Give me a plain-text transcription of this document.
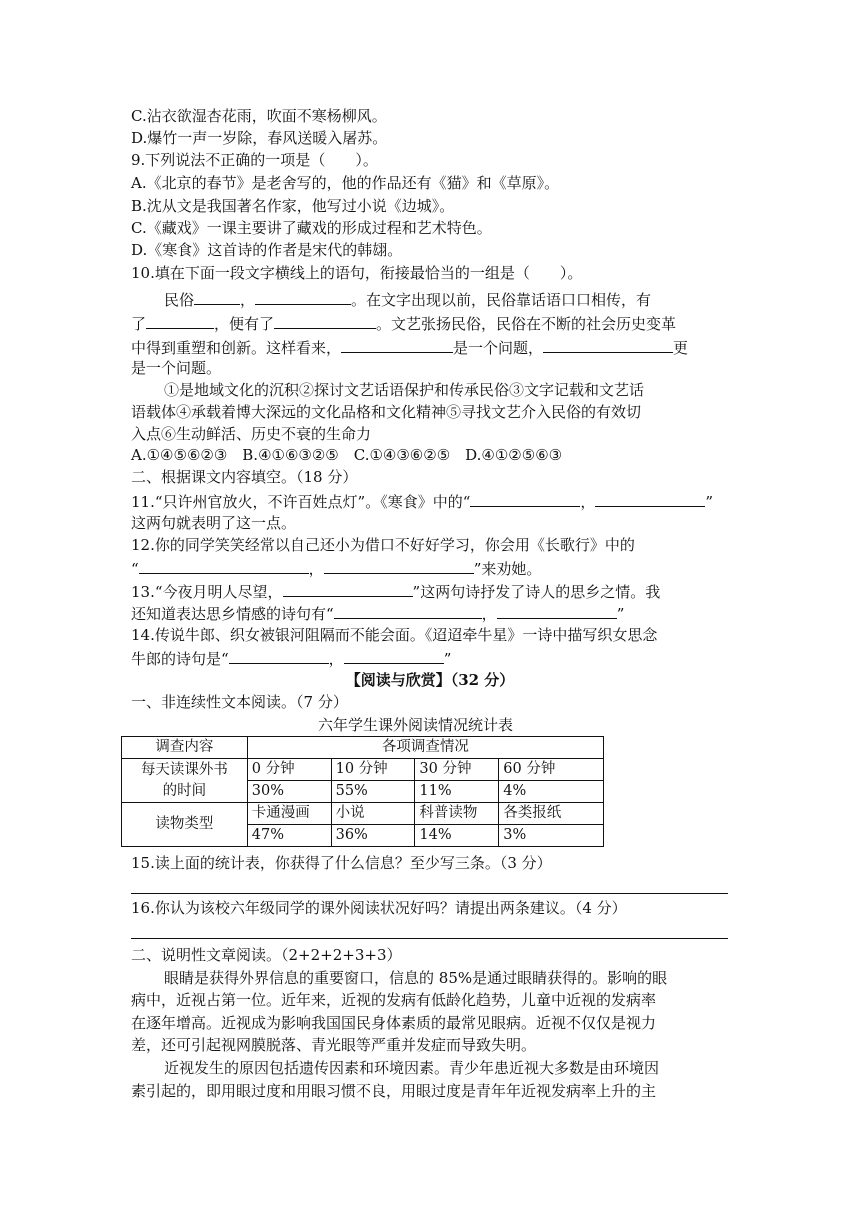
C.沾衣欲湿杏花雨，吹面不寒杨柳风。
D.爆竹一声一岁除，春风送暖入屠苏。
9.下列说法不正确的一项是（　　）。
A.《北京的春节》是老舍写的，他的作品还有《猫》和《草原》。
B.沈从文是我国著名作家，他写过小说《边城》。
C.《藏戏》一课主要讲了藏戏的形成过程和艺术特色。
D.《寒食》这首诗的作者是宋代的韩翃。
10.填在下面一段文字横线上的语句，衔接最恰当的一组是（　　）。
民俗	，	。在文字出现以前，民俗靠话语口口相传，有
了	，便有了	。文艺张扬民俗，民俗在不断的社会历史变革
中得到重塑和创新。这样看来，	是一个问题，	更
是一个问题。
①是地域文化的沉积②探讨文艺话语保护和传承民俗③文字记载和文艺话
语载体④承载着博大深远的文化品格和文化精神⑤寻找文艺介入民俗的有效切
入点⑥生动鲜活、历史不衰的生命力
A.①④⑤⑥②③　B.④①⑥③②⑤　C.①④③⑥②⑤　D.④①②⑤⑥③
二、根据课文内容填空。（18 分）
11.“只许州官放火，不许百姓点灯”。《寒食》中的“	，	”
这两句就表明了这一点。
12.你的同学笑笑经常以自己还小为借口不好好学习，你会用《长歌行》中的
“	，	”来劝她。
13.“今夜月明人尽望，	”这两句诗抒发了诗人的思乡之情。我
还知道表达思乡情感的诗句有“	，	”
14.传说牛郎、织女被银河阻隔而不能会面。《迢迢牵牛星》一诗中描写织女思念
牛郎的诗句是“	，	”
【阅读与欣赏】（32 分）
一、非连续性文本阅读。（7 分）
六年学生课外阅读情况统计表
调查内容	各项调查情况			

每天读课外书
的时间	0 分钟	10 分钟	30 分钟	60 分钟
	30%	55%	11%	4%
读物类型	卡通漫画	小说	科普读物	各类报纸
	47%	36%	14%	3%
15.读上面的统计表，你获得了什么信息？至少写三条。（3 分）
16.你认为该校六年级同学的课外阅读状况好吗？请提出两条建议。（4 分）
二、说明性文章阅读。（2+2+2+3+3）
眼睛是获得外界信息的重要窗口，信息的 85%是通过眼睛获得的。影响的眼
病中，近视占第一位。近年来，近视的发病有低龄化趋势，儿童中近视的发病率
在逐年增高。近视成为影响我国国民身体素质的最常见眼病。近视不仅仅是视力
差，还可引起视网膜脱落、青光眼等严重并发症而导致失明。
近视发生的原因包括遗传因素和环境因素。青少年患近视大多数是由环境因
素引起的，即用眼过度和用眼习惯不良，用眼过度是青年年近视发病率上升的主
